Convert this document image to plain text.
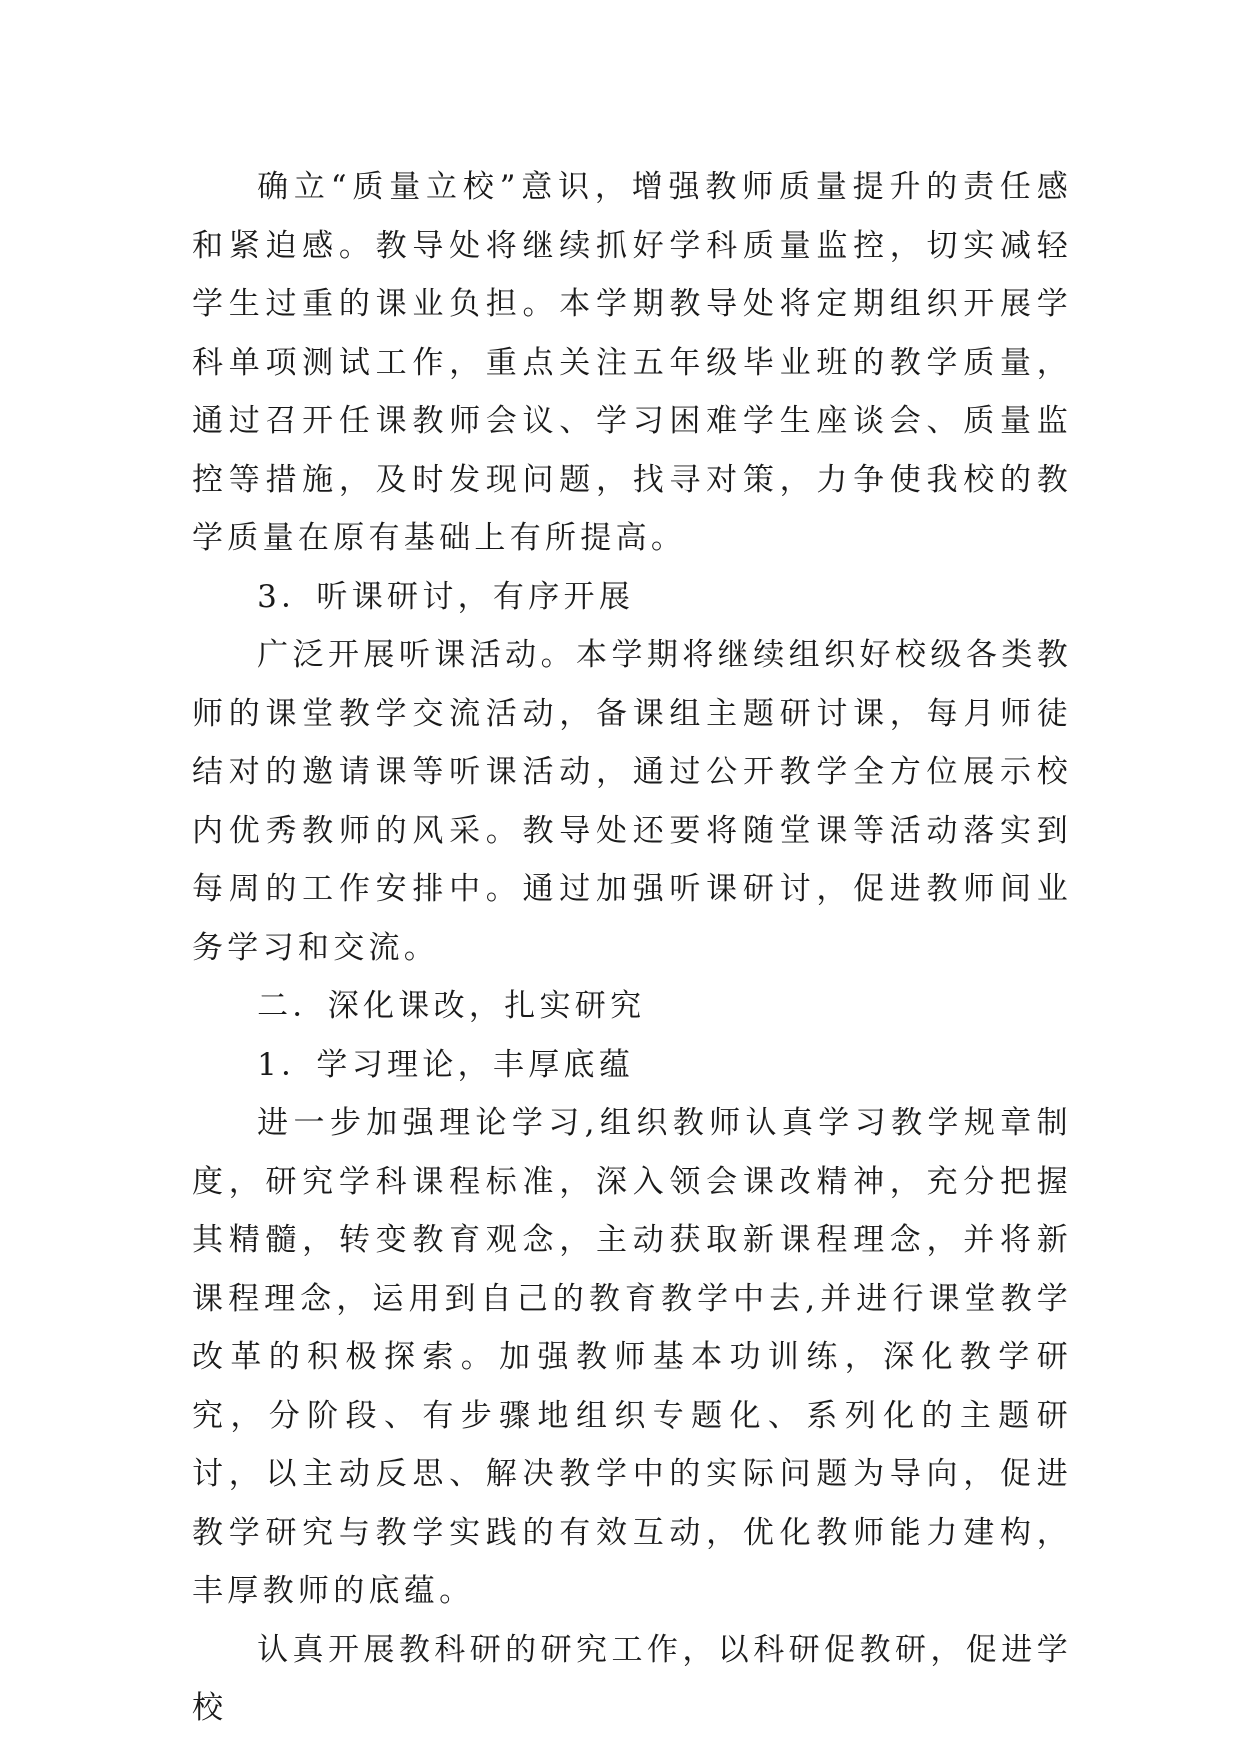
确立“质量立校”意识，增强教师质量提升的责任感和紧迫感。教导处将继续抓好学科质量监控，切实减轻学生过重的课业负担。本学期教导处将定期组织开展学科单项测试工作，重点关注五年级毕业班的教学质量，通过召开任课教师会议、学习困难学生座谈会、质量监控等措施，及时发现问题，找寻对策，力争使我校的教学质量在原有基础上有所提高。

3．听课研讨，有序开展

广泛开展听课活动。本学期将继续组织好校级各类教师的课堂教学交流活动，备课组主题研讨课，每月师徒结对的邀请课等听课活动，通过公开教学全方位展示校内优秀教师的风采。教导处还要将随堂课等活动落实到每周的工作安排中。通过加强听课研讨，促进教师间业务学习和交流。

二．深化课改，扎实研究

1．学习理论，丰厚底蕴

进一步加强理论学习,组织教师认真学习教学规章制度，研究学科课程标准，深入领会课改精神，充分把握其精髓，转变教育观念，主动获取新课程理念，并将新课程理念，运用到自己的教育教学中去,并进行课堂教学改革的积极探索。加强教师基本功训练，深化教学研究，分阶段、有步骤地组织专题化、系列化的主题研讨，以主动反思、解决教学中的实际问题为导向，促进教学研究与教学实践的有效互动，优化教师能力建构，丰厚教师的底蕴。

认真开展教科研的研究工作，以科研促教研，促进学校
